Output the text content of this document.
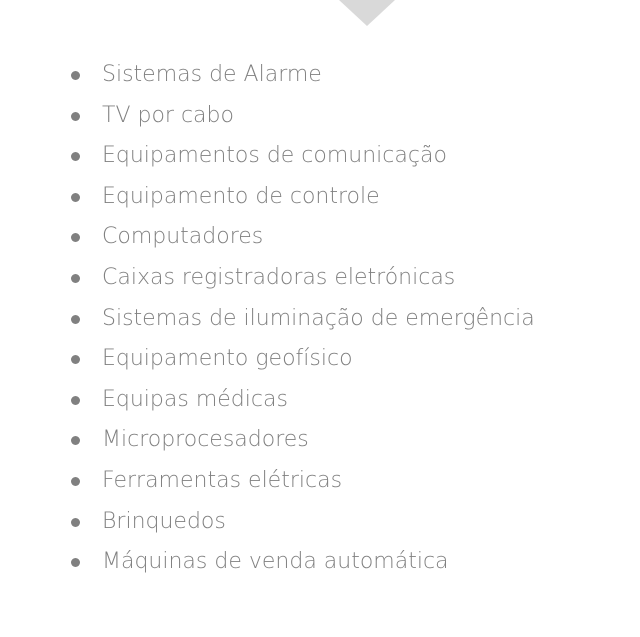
Sistemas de Alarme
TV por cabo
Equipamentos de comunicação
Equipamento de controle
Computadores
Caixas registradoras eletrónicas
Sistemas de iluminação de emergência
Equipamento geofísico
Equipas médicas
Microprocesadores
Ferramentas elétricas
Brinquedos
Máquinas de venda automática
